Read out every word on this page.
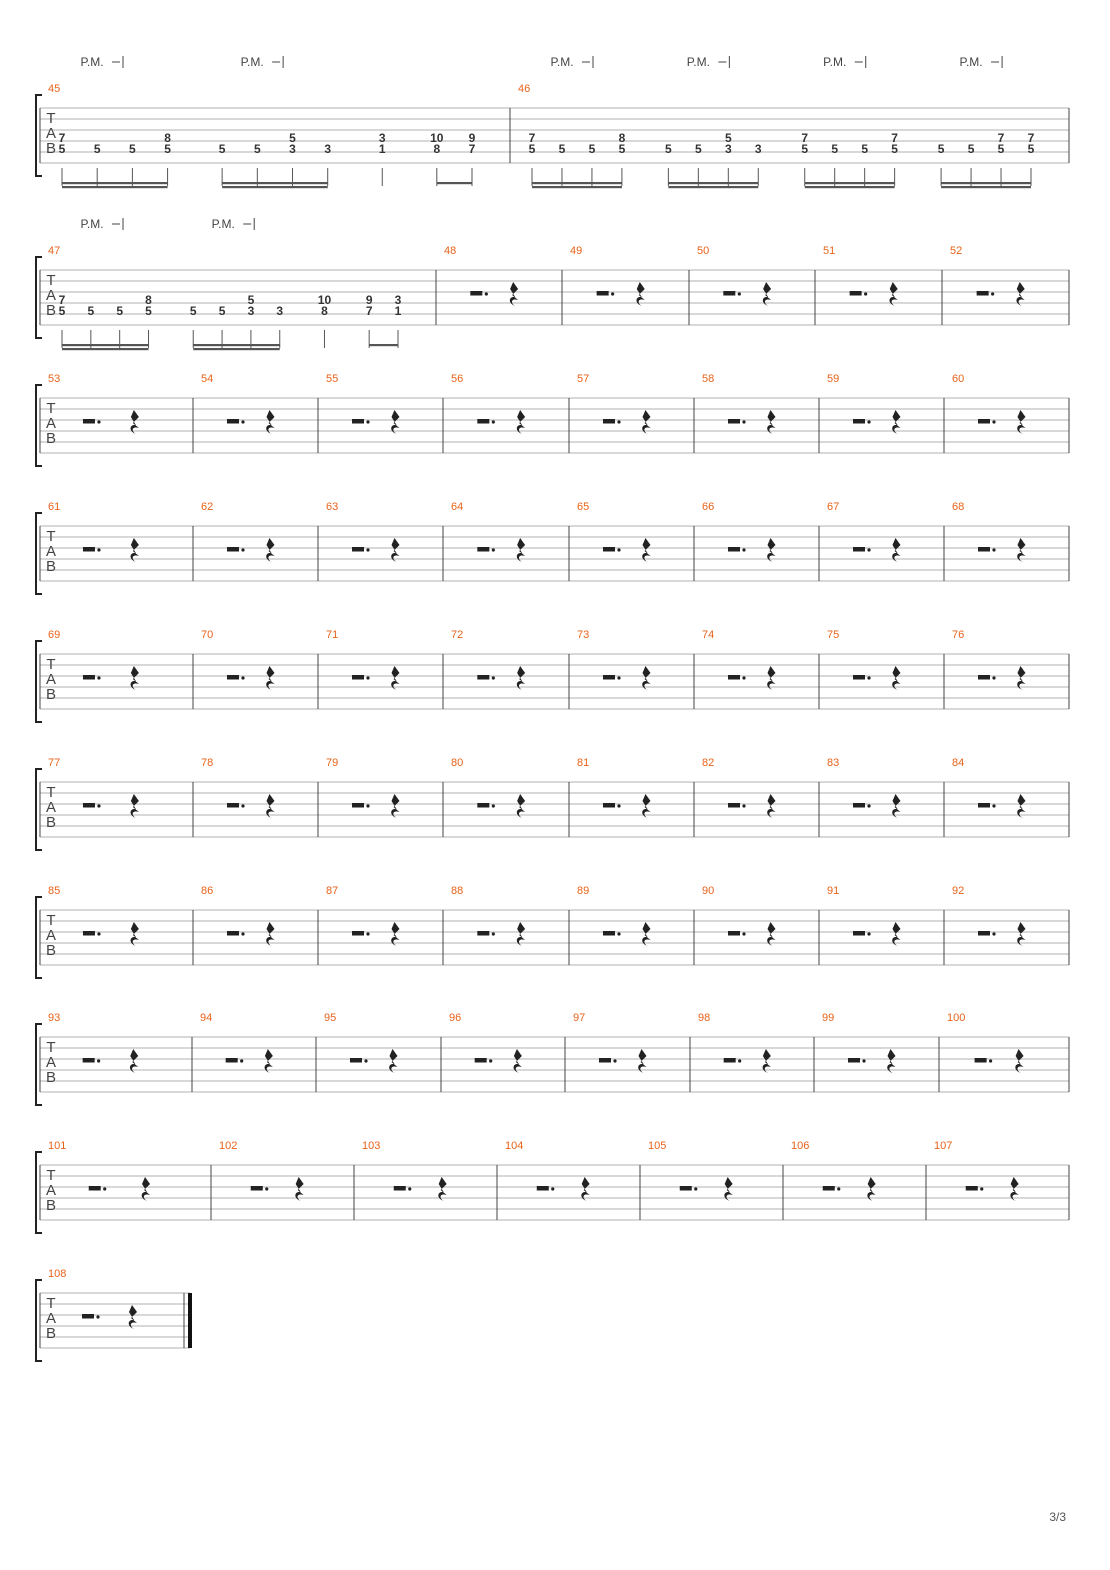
T
A
B
45
7
5 5 5
8
5
P.M.
5 5
5
3 3
P.M.
3
1
10
8
9
7
46
7
5 5 5
8
5
P.M.
5 5
5
3 3
P.M.
7
5 5 5
7
5
P.M.
5 5
7
5
7
5
P.M.
T
A
B
47
7
5 5 5
8
5
P.M.
5 5
5
3 3
P.M.
10
8
9
7
3
1
48	49	50	51	52
T
A
B
53	54	55	56	57	58	59	60
T
A
B
61	62	63	64	65	66	67	68
T
A
B
69	70	71	72	73	74	75	76
T
A
B
77	78	79	80	81	82	83	84
T
A
B
85	86	87	88	89	90	91	92
T
A
B
93	94	95	96	97	98	99	100
T
A
B
101	102	103	104	105	106	107
T
A
B
108
3/3
